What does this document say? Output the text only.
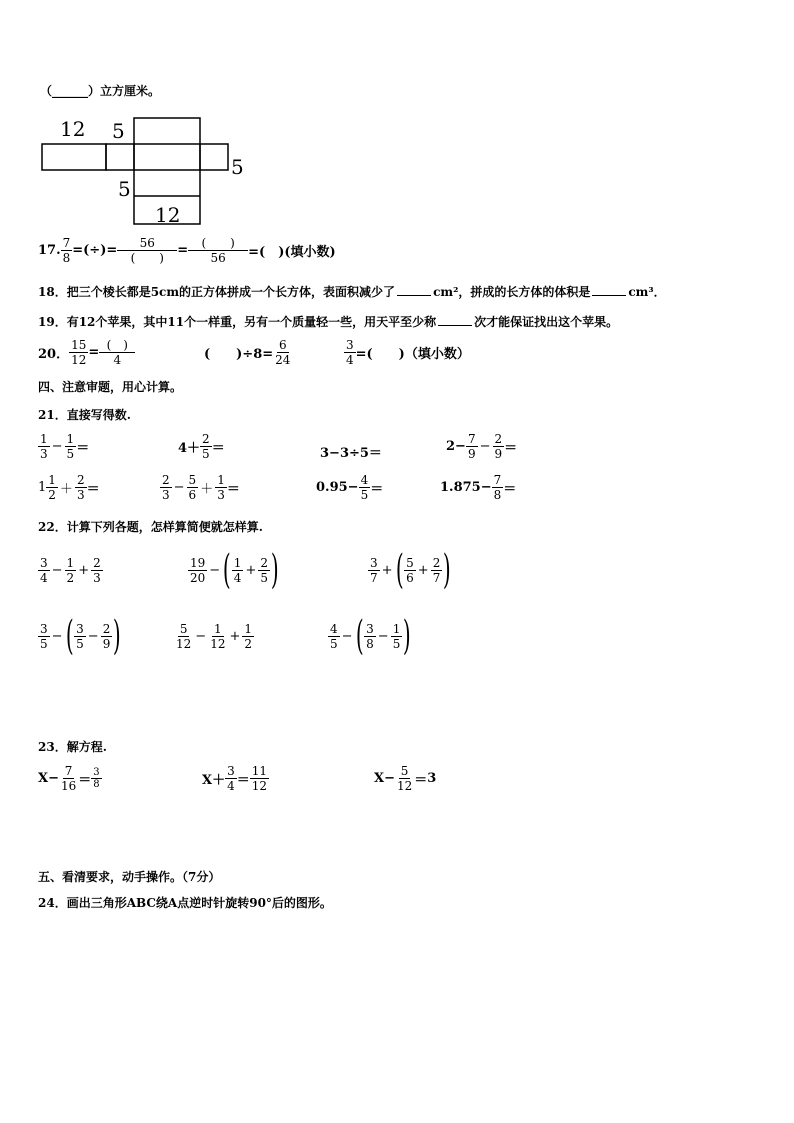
（______）立方厘米。
12 5
5
5
12
17. $\frac{7}{8}$ =(÷)= $\frac{56}{( )} = \frac{( )}{56}$ =(　)(填小数)
18．把三个棱长都是5cm的正方体拼成一个长方体，表面积减少了	cm²，拼成的长方体的体积是	cm³．
19．有12个苹果，其中11个一样重，另有一个质量轻一些，用天平至少称	次才能保证找出这个苹果。
20． $\frac{15}{12} = \frac{( )}{4}$	(　　)$\div 8= \frac{6}{24}$	$\frac{3}{4}$ =(　　)（填小数）
四、注意审题，用心计算。
21．直接写得数.
$\frac{1}{3} - \frac{1}{5}$ ＝	$4+ \frac{2}{5}$ ＝	3−3÷5＝	$2- \frac{7}{9} - \frac{2}{9}$ ＝
$1 \frac{1}{2} + \frac{2}{3}$ ＝	$\frac{2}{3} - \frac{5}{6} + \frac{1}{3}$ ＝	$0.95- \frac{4}{5}$ ＝	$1.875- \frac{7}{8}$ ＝
22．计算下列各题，怎样算简便就怎样算.
$\frac{3}{4} - \frac{1}{2} + \frac{2}{3}$	$\frac{19}{20}$ − ( $\frac{1}{4} + \frac{2}{5}$ )	$\frac{3}{7}$ + ( $\frac{5}{6} + \frac{2}{7}$ )
$\frac{3}{5}$ − ( $\frac{3}{5} - \frac{2}{9}$ )	$\frac{5}{12} - \frac{1}{12} + \frac{1}{2}$	$\frac{4}{5}$ − ( $\frac{3}{8} - \frac{1}{5}$ )
23．解方程.
$X- \frac{7}{16} = \frac{3}{8}$	$X+ \frac{3}{4} = \frac{11}{12}$	$X- \frac{5}{12} = 3$
五、看清要求，动手操作。（7分）
24．画出三角形ABC绕A点逆时针旋转90°后的图形。
